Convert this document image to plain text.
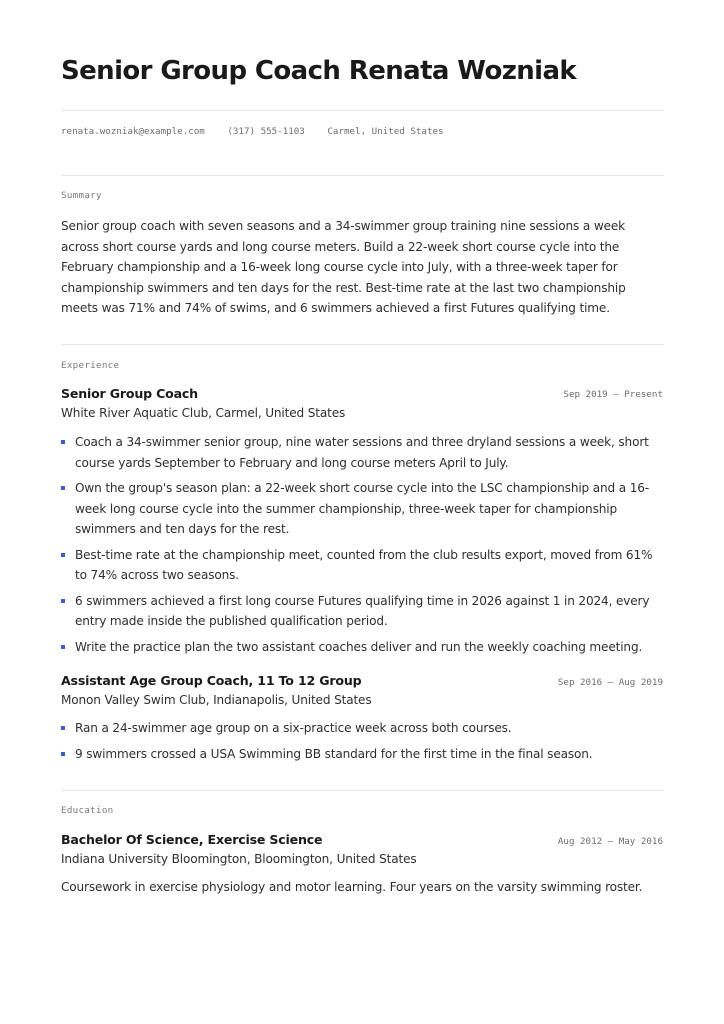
Senior Group Coach Renata Wozniak
renata.wozniak@example.com (317) 555-1103 Carmel, United States
Summary

Senior group coach with seven seasons and a 34-swimmer group training nine sessions a week across short course yards and long course meters. Build a 22-week short course cycle into the February championship and a 16-week long course cycle into July, with a three-week taper for championship swimmers and ten days for the rest. Best-time rate at the last two championship meets was 71% and 74% of swims, and 6 swimmers achieved a first Futures qualifying time.

Experience
Senior Group Coach	Sep 2019 — Present
White River Aquatic Club, Carmel, United States
Coach a 34-swimmer senior group, nine water sessions and three dryland sessions a week, short course yards September to February and long course meters April to July.
Own the group's season plan: a 22-week short course cycle into the LSC championship and a 16-week long course cycle into the summer championship, three-week taper for championship swimmers and ten days for the rest.
Best-time rate at the championship meet, counted from the club results export, moved from 61% to 74% across two seasons.
6 swimmers achieved a first long course Futures qualifying time in 2026 against 1 in 2024, every entry made inside the published qualification period.
Write the practice plan the two assistant coaches deliver and run the weekly coaching meeting.
Assistant Age Group Coach, 11 To 12 Group	Sep 2016 — Aug 2019
Monon Valley Swim Club, Indianapolis, United States
Ran a 24-swimmer age group on a six-practice week across both courses.
9 swimmers crossed a USA Swimming BB standard for the first time in the final season.
Education
Bachelor Of Science, Exercise Science	Aug 2012 — May 2016
Indiana University Bloomington, Bloomington, United States

Coursework in exercise physiology and motor learning. Four years on the varsity swimming roster.
